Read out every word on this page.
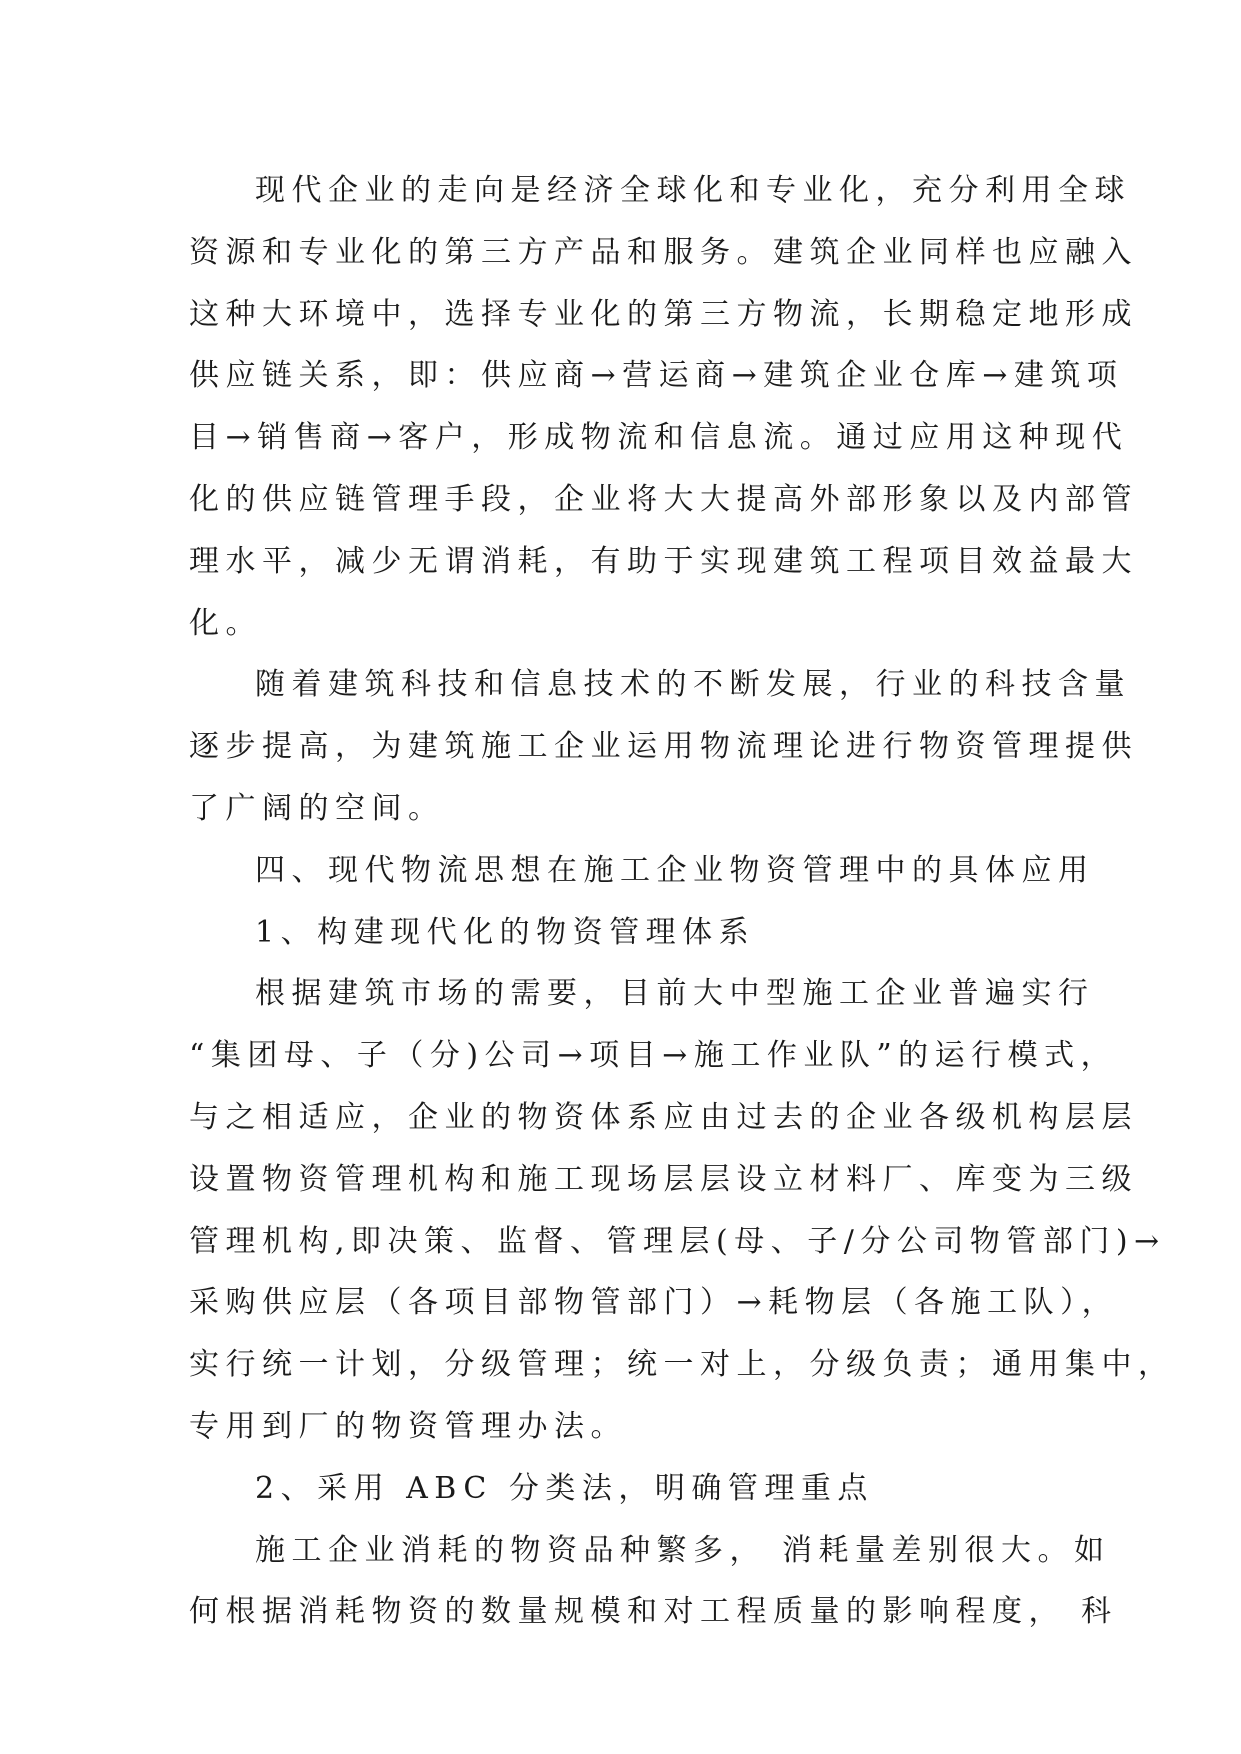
现代企业的走向是经济全球化和专业化，充分利用全球
资源和专业化的第三方产品和服务。建筑企业同样也应融入
这种大环境中，选择专业化的第三方物流，长期稳定地形成
供应链关系，即：供应商→营运商→建筑企业仓库→建筑项
目→销售商→客户，形成物流和信息流。通过应用这种现代
化的供应链管理手段，企业将大大提高外部形象以及内部管
理水平，减少无谓消耗，有助于实现建筑工程项目效益最大
化。

随着建筑科技和信息技术的不断发展，行业的科技含量
逐步提高，为建筑施工企业运用物流理论进行物资管理提供
了广阔的空间。

四、现代物流思想在施工企业物资管理中的具体应用

1、构建现代化的物资管理体系

根据建筑市场的需要，目前大中型施工企业普遍实行
“集团母、子（分)公司→项目→施工作业队”的运行模式，
与之相适应，企业的物资体系应由过去的企业各级机构层层
设置物资管理机构和施工现场层层设立材料厂、库变为三级
管理机构,即决策、监督、管理层(母、子/分公司物管部门)→
采购供应层（各项目部物管部门）→耗物层（各施工队），
实行统一计划，分级管理；统一对上，分级负责；通用集中，
专用到厂的物资管理办法。

2、采用 ABC 分类法，明确管理重点

施工企业消耗的物资品种繁多， 消耗量差别很大。如
何根据消耗物资的数量规模和对工程质量的影响程度， 科
